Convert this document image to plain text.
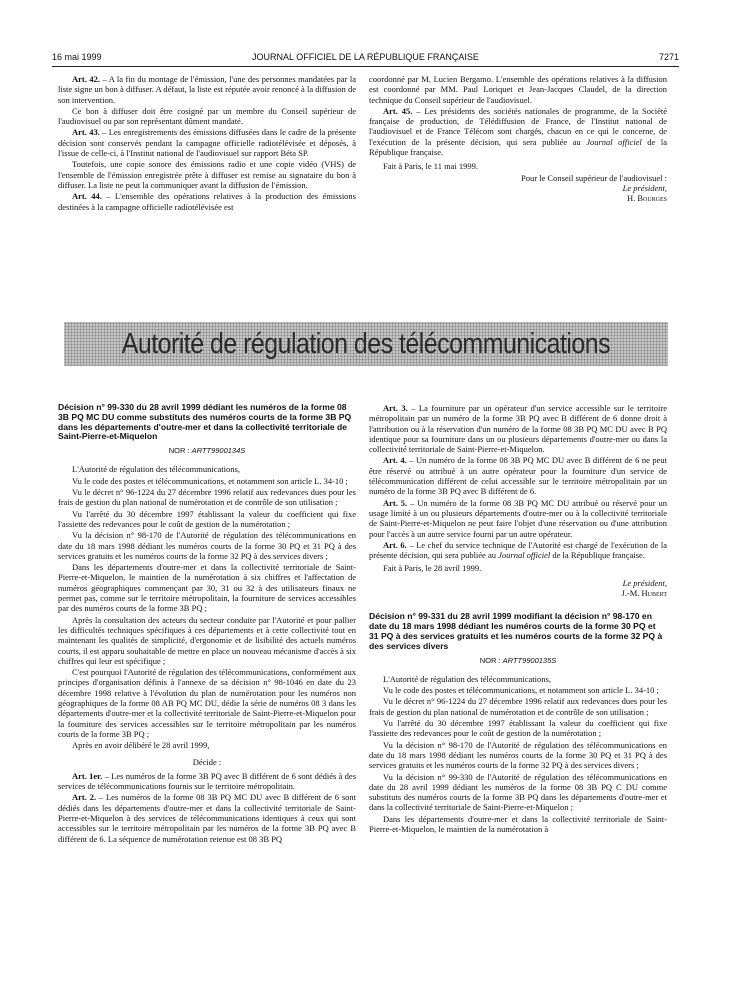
16 mai 1999	JOURNAL OFFICIEL DE LA RÉPUBLIQUE FRANÇAISE	7271

Art. 42. – A la fin du montage de l'émission, l'une des personnes mandatées par la liste signe un bon à diffuser. A défaut, la liste est réputée avoir renoncé à la diffusion de son intervention.

Ce bon à diffuser doit être cosigné par un membre du Conseil supérieur de l'audiovisuel ou par son représentant dûment mandaté.

Art. 43. – Les enregistrements des émissions diffusées dans le cadre de la présente décision sont conservés pendant la campagne officielle radiotélévisée et déposés, à l'issue de celle-ci, à l'Institut national de l'audiovisuel sur rapport Béta SP.

Toutefois, une copie sonore des émissions radio et une copie vidéo (VHS) de l'ensemble de l'émission enregistrée prête à diffuser est remise au signataire du bon à diffuser. La liste ne peut la communiquer avant la diffusion de l'émission.

Art. 44. – L'ensemble des opérations relatives à la production des émissions destinées à la campagne officielle radiotélévisée est

coordonné par M. Lucien Bergamo. L'ensemble des opérations relatives à la diffusion est coordonné par MM. Paul Loriquet et Jean-Jacques Claudel, de la direction technique du Conseil supérieur de l'audiovisuel.

Art. 45. – Les présidents des sociétés nationales de programme, de la Société française de production, de Télédiffusion de France, de l'Institut national de l'audiovisuel et de France Télécom sont chargés, chacun en ce qui le concerne, de l'exécution de la présente décision, qui sera publiée au Journal officiel de la République française.

Fait à Paris, le 11 mai 1999.

Pour le Conseil supérieur de l'audiovisuel :

Le président,

H. Bourges

Autorité de régulation des télécommunications
Décision n° 99-330 du 28 avril 1999 dédiant les numéros de la forme 08 3B PQ MC DU comme substituts des numéros courts de la forme 3B PQ dans les départements d'outre-mer et dans la collectivité territoriale de Saint-Pierre-et-Miquelon
NOR : ARTT9900134S

L'Autorité de régulation des télécommunications,

Vu le code des postes et télécommunications, et notamment son article L. 34-10 ;

Vu le décret n° 96-1224 du 27 décembre 1996 relatif aux redevances dues pour les frais de gestion du plan national de numérotation et de contrôle de son utilisation ;

Vu l'arrêté du 30 décembre 1997 établissant la valeur du coefficient qui fixe l'assiette des redevances pour le coût de gestion de la numérotation ;

Vu la décision n° 98-170 de l'Autorité de régulation des télécommunications en date du 18 mars 1998 dédiant les numéros courts de la forme 30 PQ et 31 PQ à des services gratuits et les numéros courts de la forme 32 PQ à des services divers ;

Dans les départements d'outre-mer et dans la collectivité territoriale de Saint-Pierre-et-Miquelon, le maintien de la numérotation à six chiffres et l'affectation de numéros géographiques commençant par 30, 31 ou 32 à des utilisateurs finaux ne permet pas, comme sur le territoire métropolitain, la fourniture de services accessibles par des numéros courts de la forme 3B PQ ;

Après la consultation des acteurs du secteur conduite par l'Autorité et pour pallier les difficultés techniques spécifiques à ces départements et à cette collectivité tout en maintenant les qualités de simplicité, d'ergonomie et de lisibilité des actuels numéros courts, il est apparu souhaitable de mettre en place un nouveau mécanisme d'accès à six chiffres qui leur est spécifique ;

C'est pourquoi l'Autorité de régulation des télécommunications, conformément aux principes d'organisation définis à l'annexe de sa décision n° 98-1046 en date du 23 décembre 1998 relative à l'évolution du plan de numérotation pour les numéros non géographiques de la forme 08 AB PQ MC DU, dédie la série de numéros 08 3 dans les départements d'outre-mer et la collectivité territoriale de Saint-Pierre-et-Miquelon pour la fourniture des services accessibles sur le territoire métropolitain par les numéros courts de la forme 3B PQ ;

Après en avoir délibéré le 28 avril 1999,

Décide :

Art. 1er. – Les numéros de la forme 3B PQ avec B différent de 6 sont dédiés à des services de télécommunications fournis sur le territoire métropolitain.

Art. 2. – Les numéros de la forme 08 3B PQ MC DU avec B différent de 6 sont dédiés dans les départements d'outre-mer et dans la collectivité territoriale de Saint-Pierre-et-Miquelon à des services de télécommunications identiques à ceux qui sont accessibles sur le territoire métropolitain par les numéros de la forme 3B PQ avec B différent de 6. La séquence de numérotation retenue est 08 3B PQ

Art. 3. – La fourniture par un opérateur d'un service accessible sur le territoire métropolitain par un numéro de la forme 3B PQ avec B différent de 6 donne droit à l'attribution ou à la réservation d'un numéro de la forme 08 3B PQ MC DU avec B PQ identique pour sa fourniture dans un ou plusieurs départements d'outre-mer ou dans la collectivité territoriale de Saint-Pierre-et-Miquelon.

Art. 4. – Un numéro de la forme 08 3B PQ MC DU avec B différent de 6 ne peut être réservé ou attribué à un autre opérateur pour la fourniture d'un service de télécommunication différent de celui accessible sur le territoire métropolitain par un numéro de la forme 3B PQ avec B différent de 6.

Art. 5. – Un numéro de la forme 08 3B PQ MC DU attribué ou réservé pour un usage limité à un ou plusieurs départements d'outre-mer ou à la collectivité territoriale de Saint-Pierre-et-Miquelon ne peut faire l'objet d'une réservation ou d'une attribution pour l'accès à un autre service fourni par un autre opérateur.

Art. 6. – Le chef du service technique de l'Autorité est chargé de l'exécution de la présente décision, qui sera publiée au Journal officiel de la République française.

Fait à Paris, le 28 avril 1999.

Le président,

J.-M. Hubert

Décision n° 99-331 du 28 avril 1999 modifiant la décision n° 98-170 en date du 18 mars 1998 dédiant les numéros courts de la forme 30 PQ et 31 PQ à des services gratuits et les numéros courts de la forme 32 PQ à des services divers
NOR : ARTT9900135S

L'Autorité de régulation des télécommunications,

Vu le code des postes et télécommunications, et notamment son article L. 34-10 ;

Vu le décret n° 96-1224 du 27 décembre 1996 relatif aux redevances dues pour les frais de gestion du plan national de numérotation et de contrôle de son utilisation ;

Vu l'arrêté du 30 décembre 1997 établissant la valeur du coefficient qui fixe l'assiette des redevances pour le coût de gestion de la numérotation ;

Vu la décision n° 98-170 de l'Autorité de régulation des télécommunications en date du 18 mars 1998 dédiant les numéros courts de la forme 30 PQ et 31 PQ à des services gratuits et les numéros courts de la forme 32 PQ à des services divers ;

Vu la décision n° 99-330 de l'Autorité de régulation des télécommunications en date du 28 avril 1999 dédiant les numéros de la forme 08 3B PQ C DU comme substituts des numéros courts de la forme 3B PQ dans les départements d'outre-mer et dans la collectivité territoriale de Saint-Pierre-et-Miquelon ;

Dans les départements d'outre-mer et dans la collectivité territoriale de Saint-Pierre-et-Miquelon, le maintien de la numérotation à
